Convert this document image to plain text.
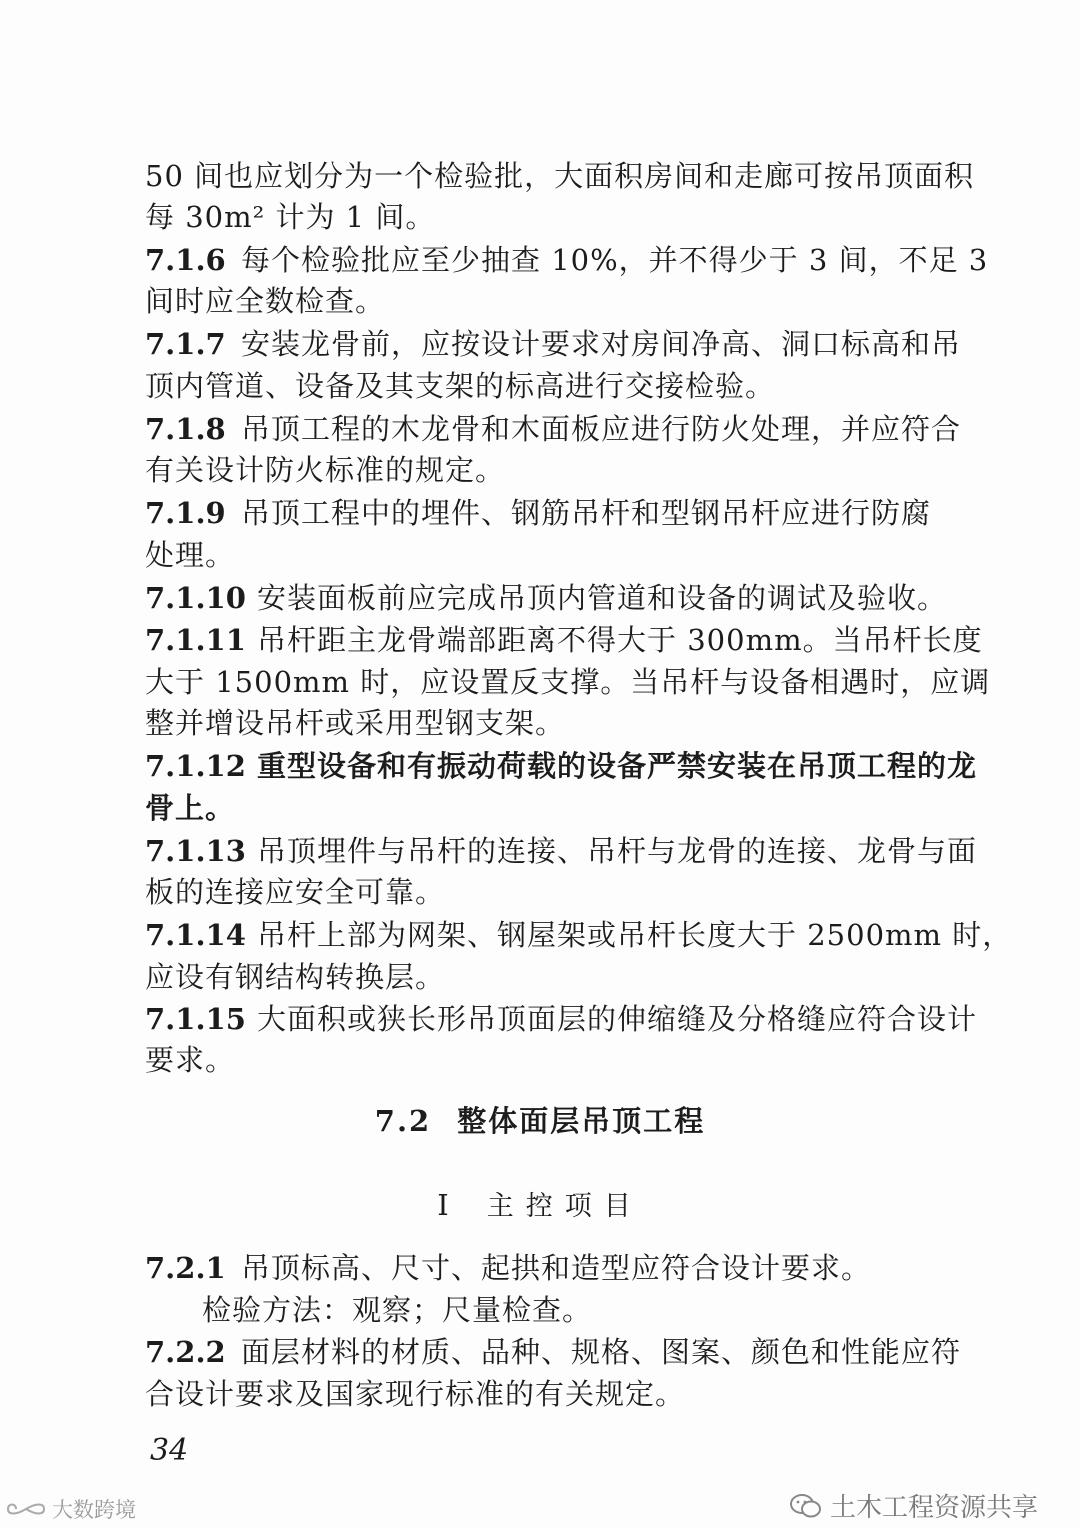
50 间也应划分为一个检验批，大面积房间和走廊可按吊顶面积
每 30m² 计为 1 间。
7.1.6 每个检验批应至少抽查 10%，并不得少于 3 间，不足 3
间时应全数检查。
7.1.7 安装龙骨前，应按设计要求对房间净高、洞口标高和吊
顶内管道、设备及其支架的标高进行交接检验。
7.1.8 吊顶工程的木龙骨和木面板应进行防火处理，并应符合
有关设计防火标准的规定。
7.1.9 吊顶工程中的埋件、钢筋吊杆和型钢吊杆应进行防腐
处理。
7.1.10 安装面板前应完成吊顶内管道和设备的调试及验收。
7.1.11 吊杆距主龙骨端部距离不得大于 300mm。当吊杆长度
大于 1500mm 时，应设置反支撑。当吊杆与设备相遇时，应调
整并增设吊杆或采用型钢支架。
7.1.12 重型设备和有振动荷载的设备严禁安装在吊顶工程的龙
骨上。
7.1.13 吊顶埋件与吊杆的连接、吊杆与龙骨的连接、龙骨与面
板的连接应安全可靠。
7.1.14 吊杆上部为网架、钢屋架或吊杆长度大于 2500mm 时，
应设有钢结构转换层。
7.1.15 大面积或狭长形吊顶面层的伸缩缝及分格缝应符合设计
要求。
7.2 整体面层吊顶工程
Ⅰ 主控项目
7.2.1 吊顶标高、尺寸、起拱和造型应符合设计要求。
检验方法：观察；尺量检查。
7.2.2 面层材料的材质、品种、规格、图案、颜色和性能应符
合设计要求及国家现行标准的有关规定。
34
土木工程资源共享
大数跨境
